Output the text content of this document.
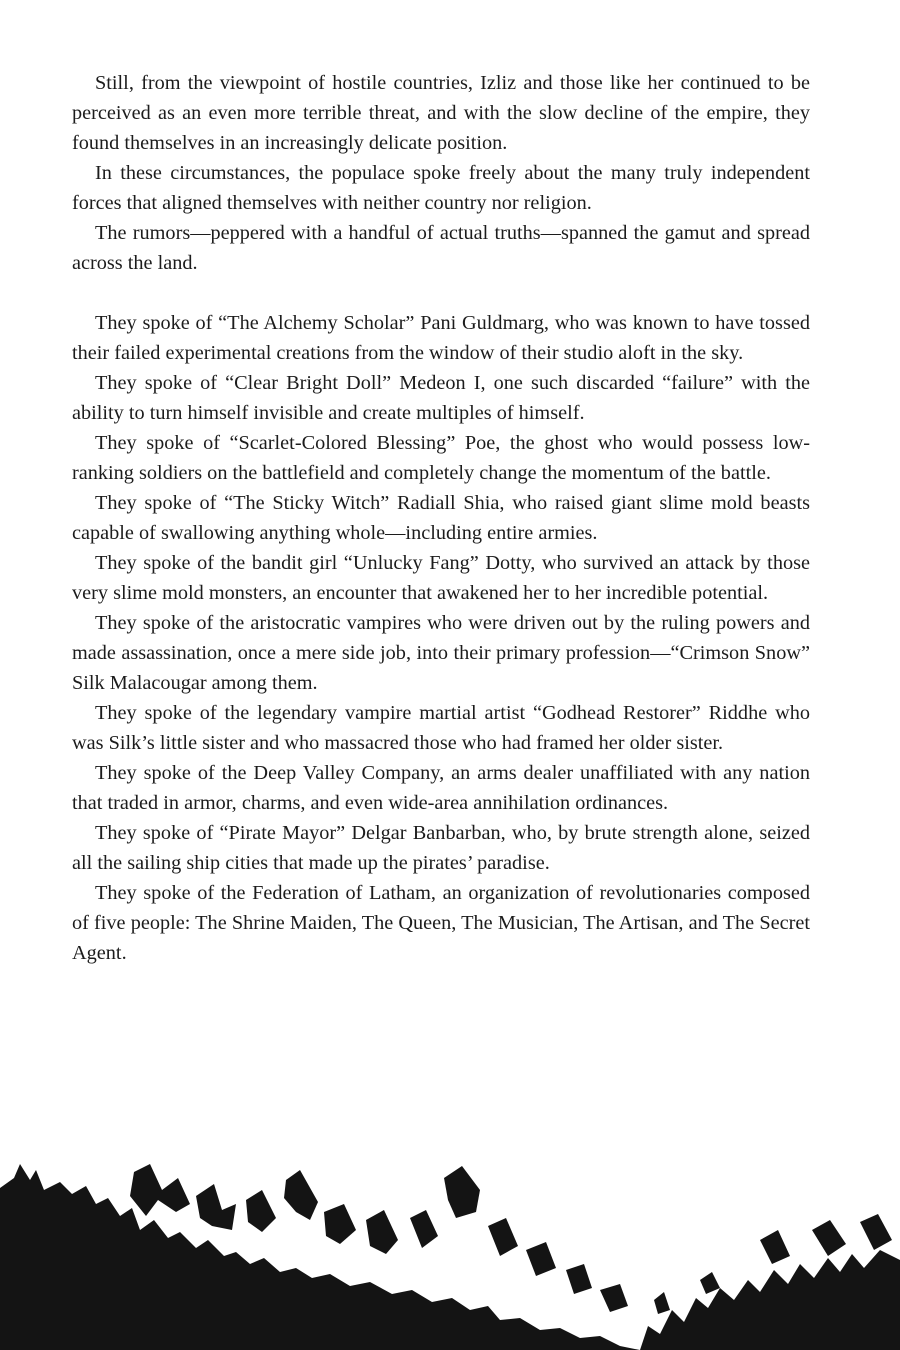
Still, from the viewpoint of hostile countries, Izliz and those like her continued to be perceived as an even more terrible threat, and with the slow decline of the empire, they found themselves in an increasingly delicate position.

In these circumstances, the populace spoke freely about the many truly independent forces that aligned themselves with neither country nor religion.

The rumors—peppered with a handful of actual truths—spanned the gamut and spread across the land.

They spoke of “The Alchemy Scholar” Pani Guldmarg, who was known to have tossed their failed experimental creations from the window of their studio aloft in the sky.

They spoke of “Clear Bright Doll” Medeon I, one such discarded “failure” with the ability to turn himself invisible and create multiples of himself.

They spoke of “Scarlet-Colored Blessing” Poe, the ghost who would possess low-ranking soldiers on the battlefield and completely change the momentum of the battle.

They spoke of “The Sticky Witch” Radiall Shia, who raised giant slime mold beasts capable of swallowing anything whole—including entire armies.

They spoke of the bandit girl “Unlucky Fang” Dotty, who survived an attack by those very slime mold monsters, an encounter that awakened her to her incredible potential.

They spoke of the aristocratic vampires who were driven out by the ruling powers and made assassination, once a mere side job, into their primary profession—“Crimson Snow” Silk Malacougar among them.

They spoke of the legendary vampire martial artist “Godhead Restorer” Riddhe who was Silk’s little sister and who massacred those who had framed her older sister.

They spoke of the Deep Valley Company, an arms dealer unaffiliated with any nation that traded in armor, charms, and even wide-area annihilation ordinances.

They spoke of “Pirate Mayor” Delgar Banbarban, who, by brute strength alone, seized all the sailing ship cities that made up the pirates’ paradise.

They spoke of the Federation of Latham, an organization of revolutionaries composed of five people: The Shrine Maiden, The Queen, The Musician, The Artisan, and The Secret Agent.
